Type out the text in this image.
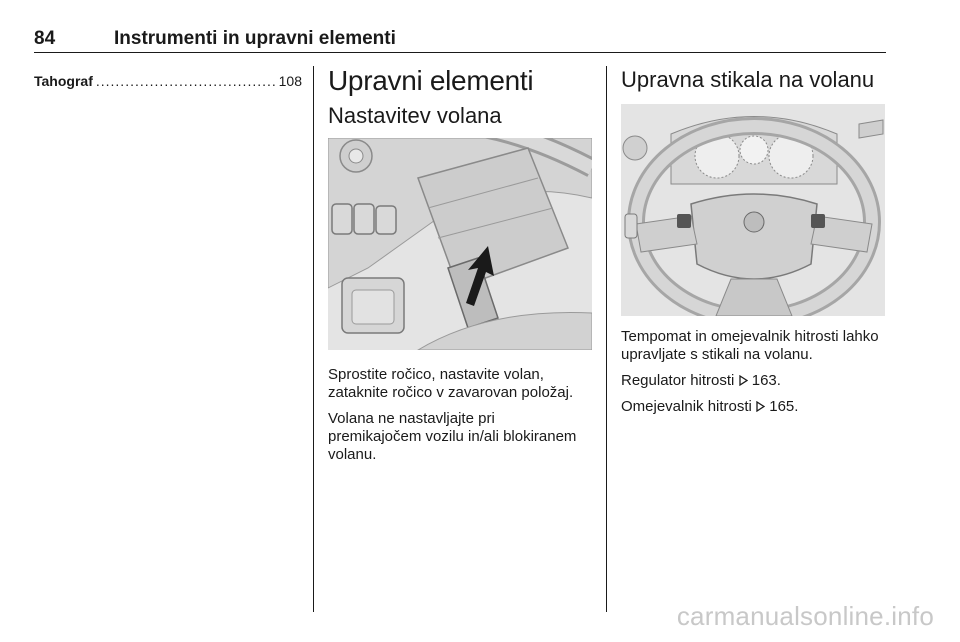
84	Instrumenti in upravni elementi
Tahograf
.....	108 Upravni elementi
Nastavitev volana

Sprostite ročico, nastavite volan, zataknite ročico v zavarovan položaj.

Volana ne nastavljajte pri premikajočem vozilu in/ali blokiranem volanu.

Upravna stikala na volanu

Tempomat in omejevalnik hitrosti lahko upravljate s stikali na volanu.

Regulator hitrosti 163.

Omejevalnik hitrosti 165.

carmanualsonline.info
